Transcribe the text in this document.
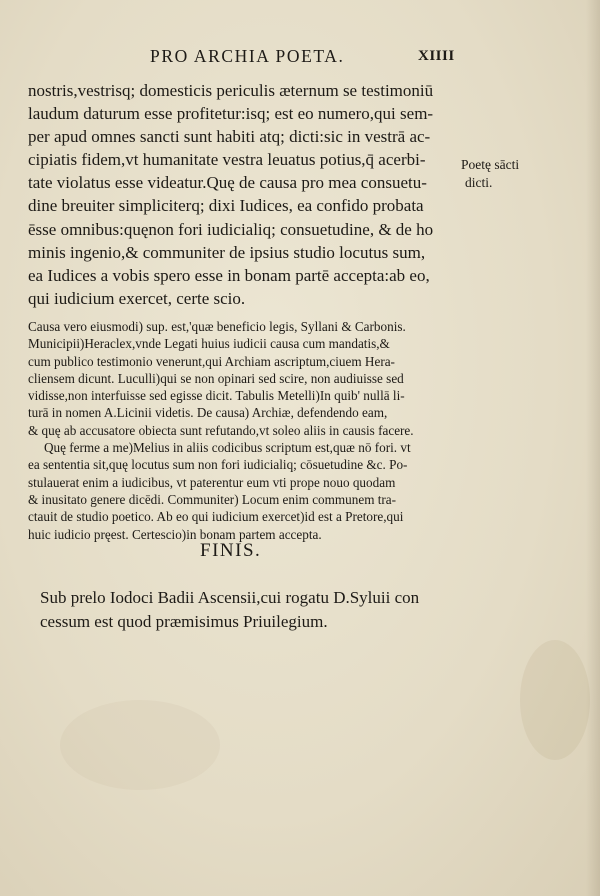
PRO ARCHIA POETA.	XIIII
nostris,vestrisq; domesticis periculis æternum se testimoniū
laudum daturum esse profitetur:isq; est eo numero,qui sem-
per apud omnes sancti sunt habiti atq; dicti:sic in vestrā ac-
cipiatis fidem,vt humanitate vestra leuatus potius,q̄ acerbi-
tate violatus esse videatur.Quę de causa pro mea consuetu-
dine breuiter simpliciterq; dixi Iudices, ea confido probata
ēsse omnibus:quęnon fori iudicialiq; consuetudine, & de ho
minis ingenio,& communiter de ipsius studio locutus sum,
ea Iudices a vobis spero esse in bonam partē accepta:ab eo,
qui iudicium exercet, certe scio.
Poetę sācti
dicti.
Causa vero eiusmodi) sup. est,'quæ beneficio legis, Syllani & Carbonis.
Municipii)Heraclex,vnde Legati huius iudicii causa cum mandatis,&
cum publico testimonio venerunt,qui Archiam ascriptum,ciuem Hera-
cliensem dicunt. Luculli)qui se non opinari sed scire, non audiuisse sed
vidisse,non interfuisse sed egisse dicit. Tabulis Metelli)In quib' nullā li-
turā in nomen A.Licinii videtis. De causa) Archiæ, defendendo eam,
& quę ab accusatore obiecta sunt refutando,vt soleo aliis in causis facere.
Quę ferme a me)Melius in aliis codicibus scriptum est,quæ nō fori. vt
ea sententia sit,quę locutus sum non fori iudicialiq; cōsuetudine &c. Po-
stulauerat enim a iudicibus, vt paterentur eum vti prope nouo quodam
& inusitato genere dicēdi. Communiter) Locum enim communem tra-
ctauit de studio poetico. Ab eo qui iudicium exercet)id est a Pretore,qui
huic iudicio pręest. Certescio)in bonam partem accepta.
FINIS.
Sub prelo Iodoci Badii Ascensii,cui rogatu D.Syluii con
cessum est quod præmisimus Priuilegium.
